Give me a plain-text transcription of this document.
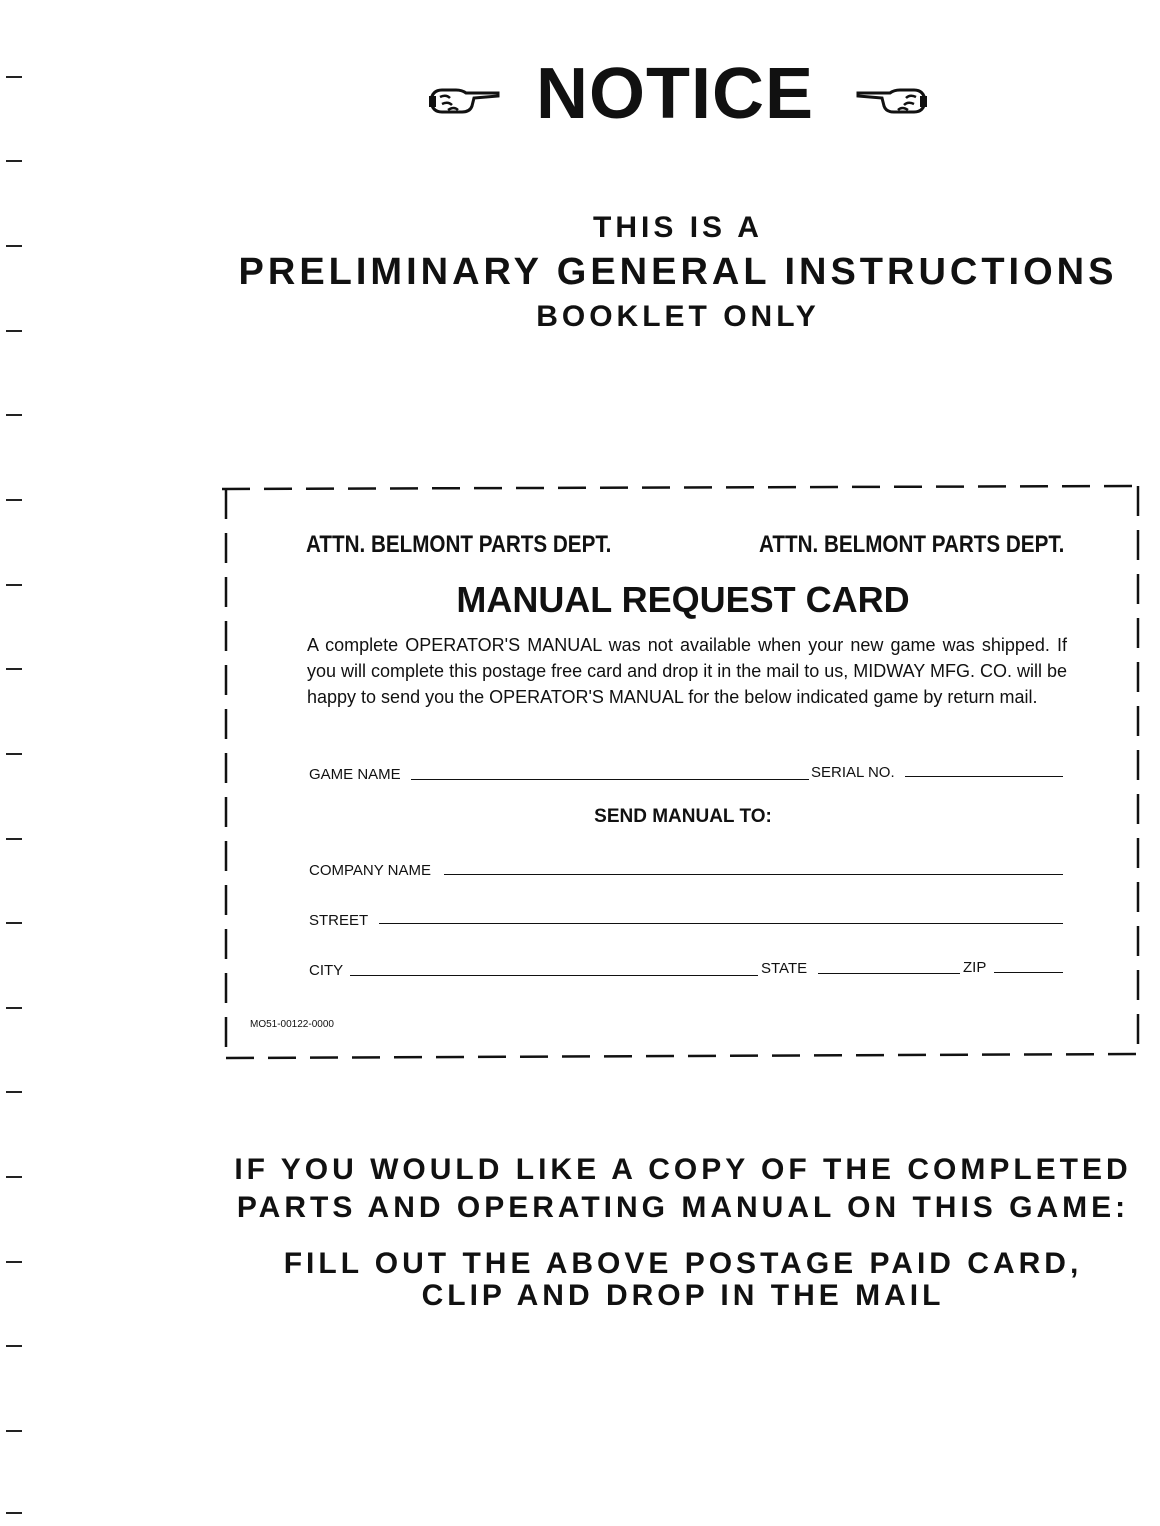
NOTICE
THIS IS A
PRELIMINARY GENERAL INSTRUCTIONS
BOOKLET ONLY
ATTN. BELMONT PARTS DEPT.	ATTN. BELMONT PARTS DEPT.
MANUAL REQUEST CARD

A complete OPERATOR'S MANUAL was not available when your new game was shipped. If you will complete this postage free card and drop it in the mail to us, MIDWAY MFG. CO. will be happy to send you the OPERATOR'S MANUAL for the below indicated game by return mail.

GAME NAME	SERIAL NO.
SEND MANUAL TO:
COMPANY NAME
STREET
CITY	STATE	ZIP
MO51-00122-0000
IF YOU WOULD LIKE A COPY OF THE COMPLETED
PARTS AND OPERATING MANUAL ON THIS GAME:
FILL OUT THE ABOVE POSTAGE PAID CARD,
CLIP AND DROP IN THE MAIL
